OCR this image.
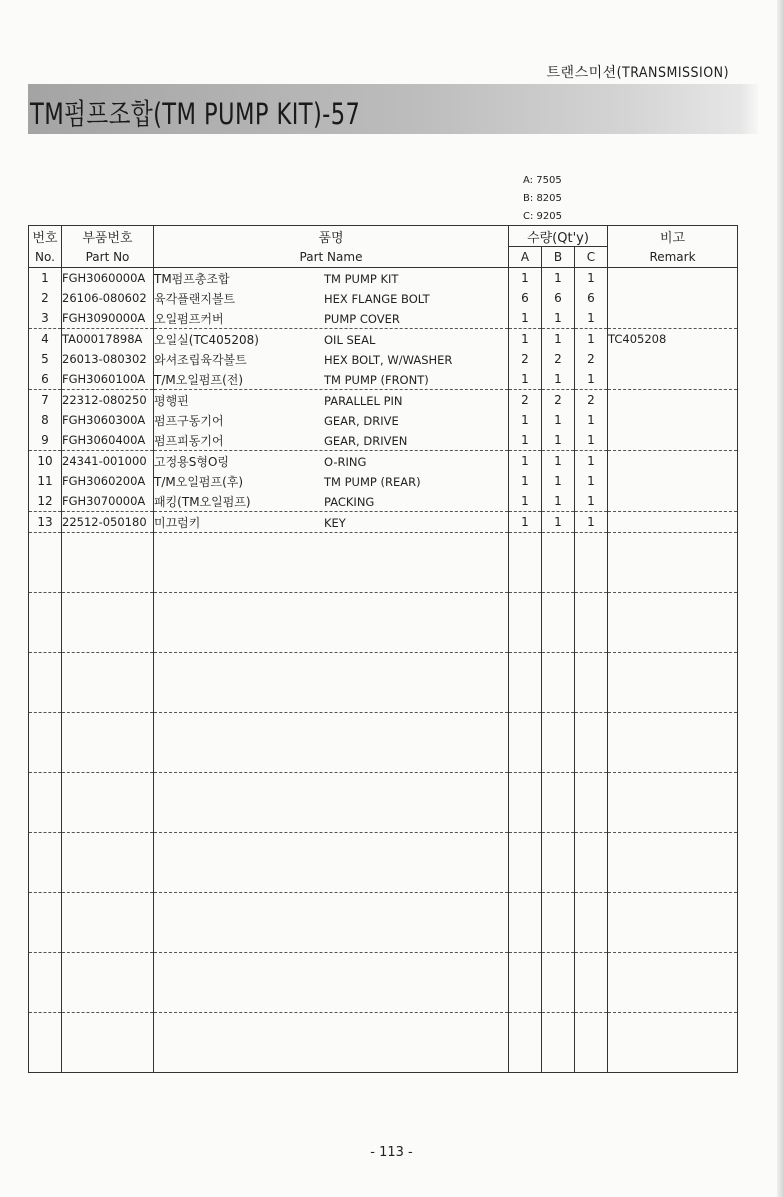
트랜스미션(TRANSMISSION)
TM펌프조합(TM PUMP KIT)-57
A: 7505
B: 8205
C: 9205
번호	부품번호	품명	수량(Qt'y)			비고
No.	Part No	Part Name	A	B	C	Remark
1	FGH3060000A	TM펌프총조합 TM PUMP KIT	1	1	1	
2	26106-080602	육각플랜지볼트 HEX FLANGE BOLT	6	6	6	
3	FGH3090000A	오일펌프커버 PUMP COVER	1	1	1	
4	TA00017898A	오일실(TC405208) OIL SEAL	1	1	1	TC405208
5	26013-080302	와셔조립육각볼트 HEX BOLT, W/WASHER	2	2	2	
6	FGH3060100A	T/M오일펌프(전) TM PUMP (FRONT)	1	1	1	
7	22312-080250	평행핀 PARALLEL PIN	2	2	2	
8	FGH3060300A	펌프구동기어 GEAR, DRIVE	1	1	1	
9	FGH3060400A	펌프피동기어 GEAR, DRIVEN	1	1	1	
10	24341-001000	고정용S형O링 O-RING	1	1	1	
11	FGH3060200A	T/M오일펌프(후) TM PUMP (REAR)	1	1	1	
12	FGH3070000A	패킹(TM오일펌프) PACKING	1	1	1	
13	22512-050180	미끄럼키 KEY	1	1	1	

- 113 -
